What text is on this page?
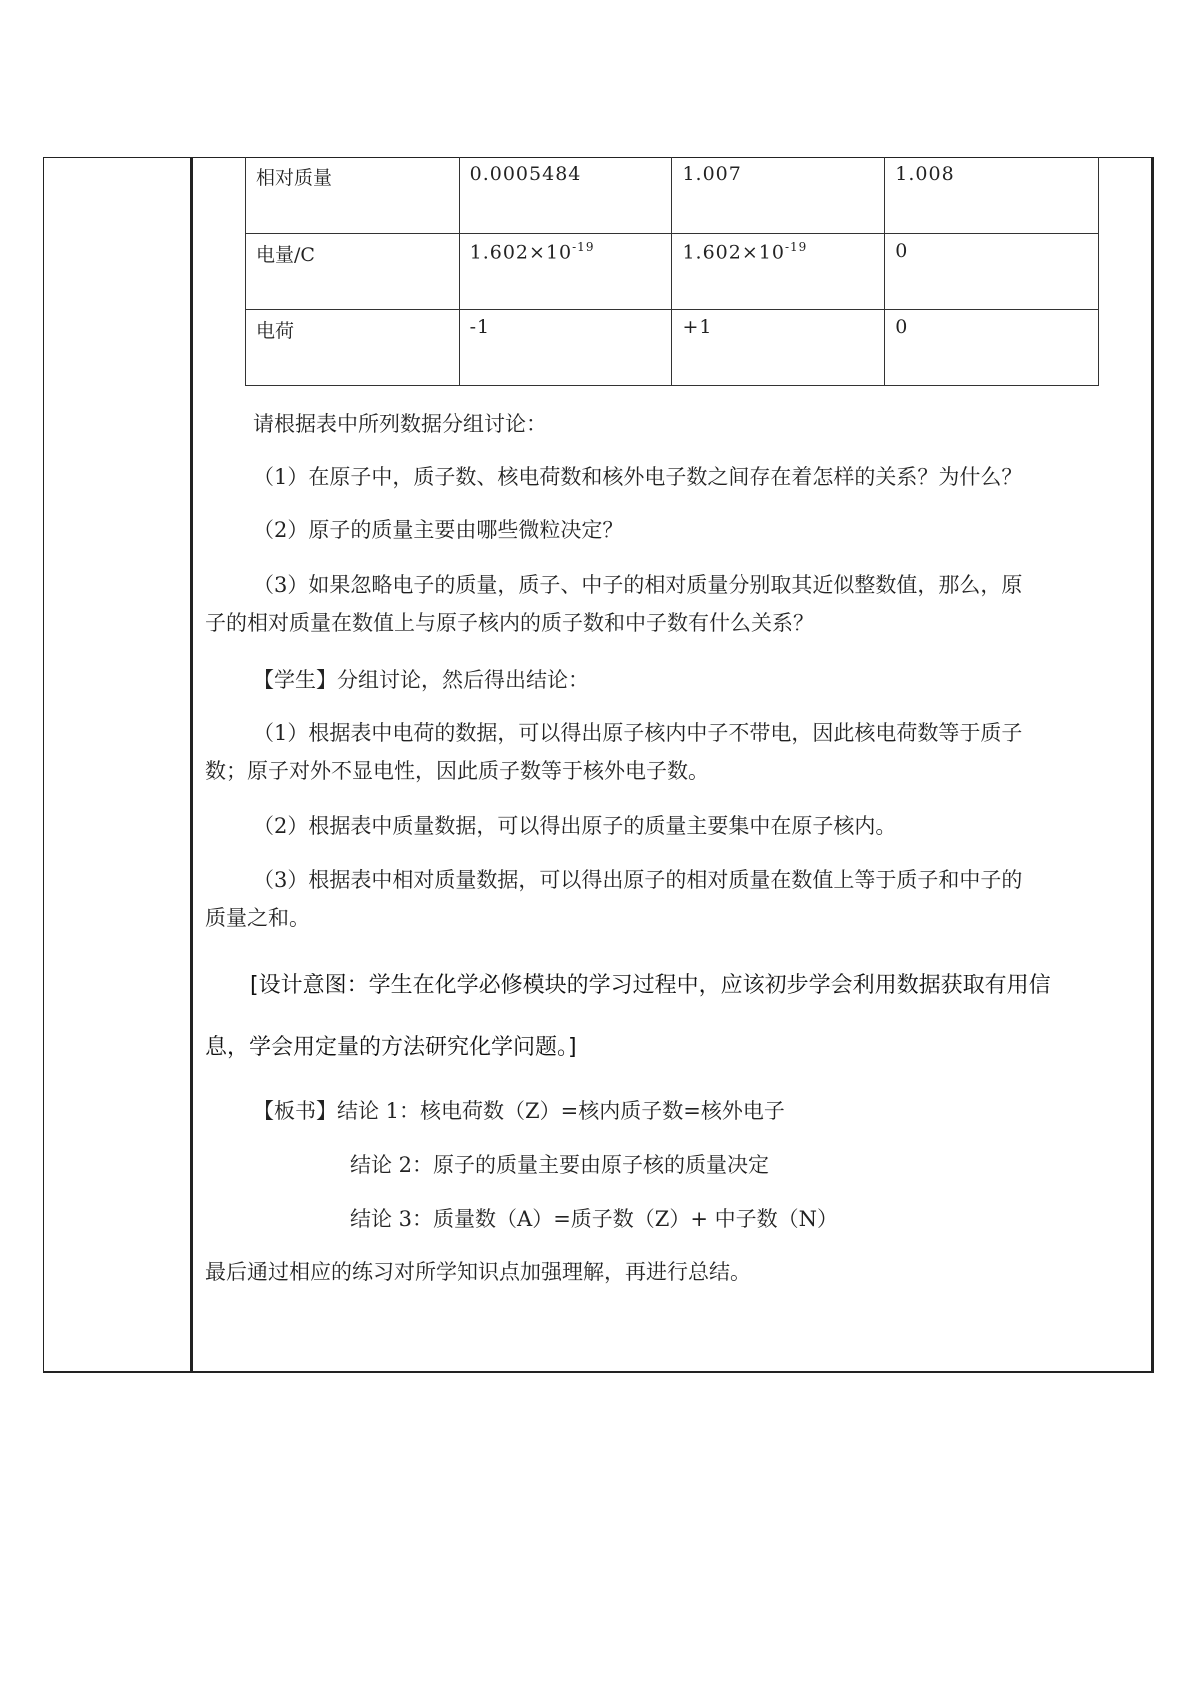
相对质量	0.0005484	1.007	1.008
电量/C	$1.602\times 10^{-19}$	$1.602\times 10^{-19}$	0
电荷	-1	+1	0
请根据表中所列数据分组讨论：
（1）在原子中，质子数、核电荷数和核外电子数之间存在着怎样的关系？为什么？
（2）原子的质量主要由哪些微粒决定？
（3）如果忽略电子的质量，质子、中子的相对质量分别取其近似整数值，那么，原
子的相对质量在数值上与原子核内的质子数和中子数有什么关系？
【学生】分组讨论，然后得出结论：
（1）根据表中电荷的数据，可以得出原子核内中子不带电，因此核电荷数等于质子
数；原子对外不显电性，因此质子数等于核外电子数。
（2）根据表中质量数据，可以得出原子的质量主要集中在原子核内。
（3）根据表中相对质量数据，可以得出原子的相对质量在数值上等于质子和中子的
质量之和。
[设计意图：学生在化学必修模块的学习过程中，应该初步学会利用数据获取有用信
息，学会用定量的方法研究化学问题。]
【板书】结论 1：核电荷数（Z）=核内质子数=核外电子
结论 2：原子的质量主要由原子核的质量决定
结论 3：质量数（A）=质子数（Z）+ 中子数（N）
最后通过相应的练习对所学知识点加强理解，再进行总结。
